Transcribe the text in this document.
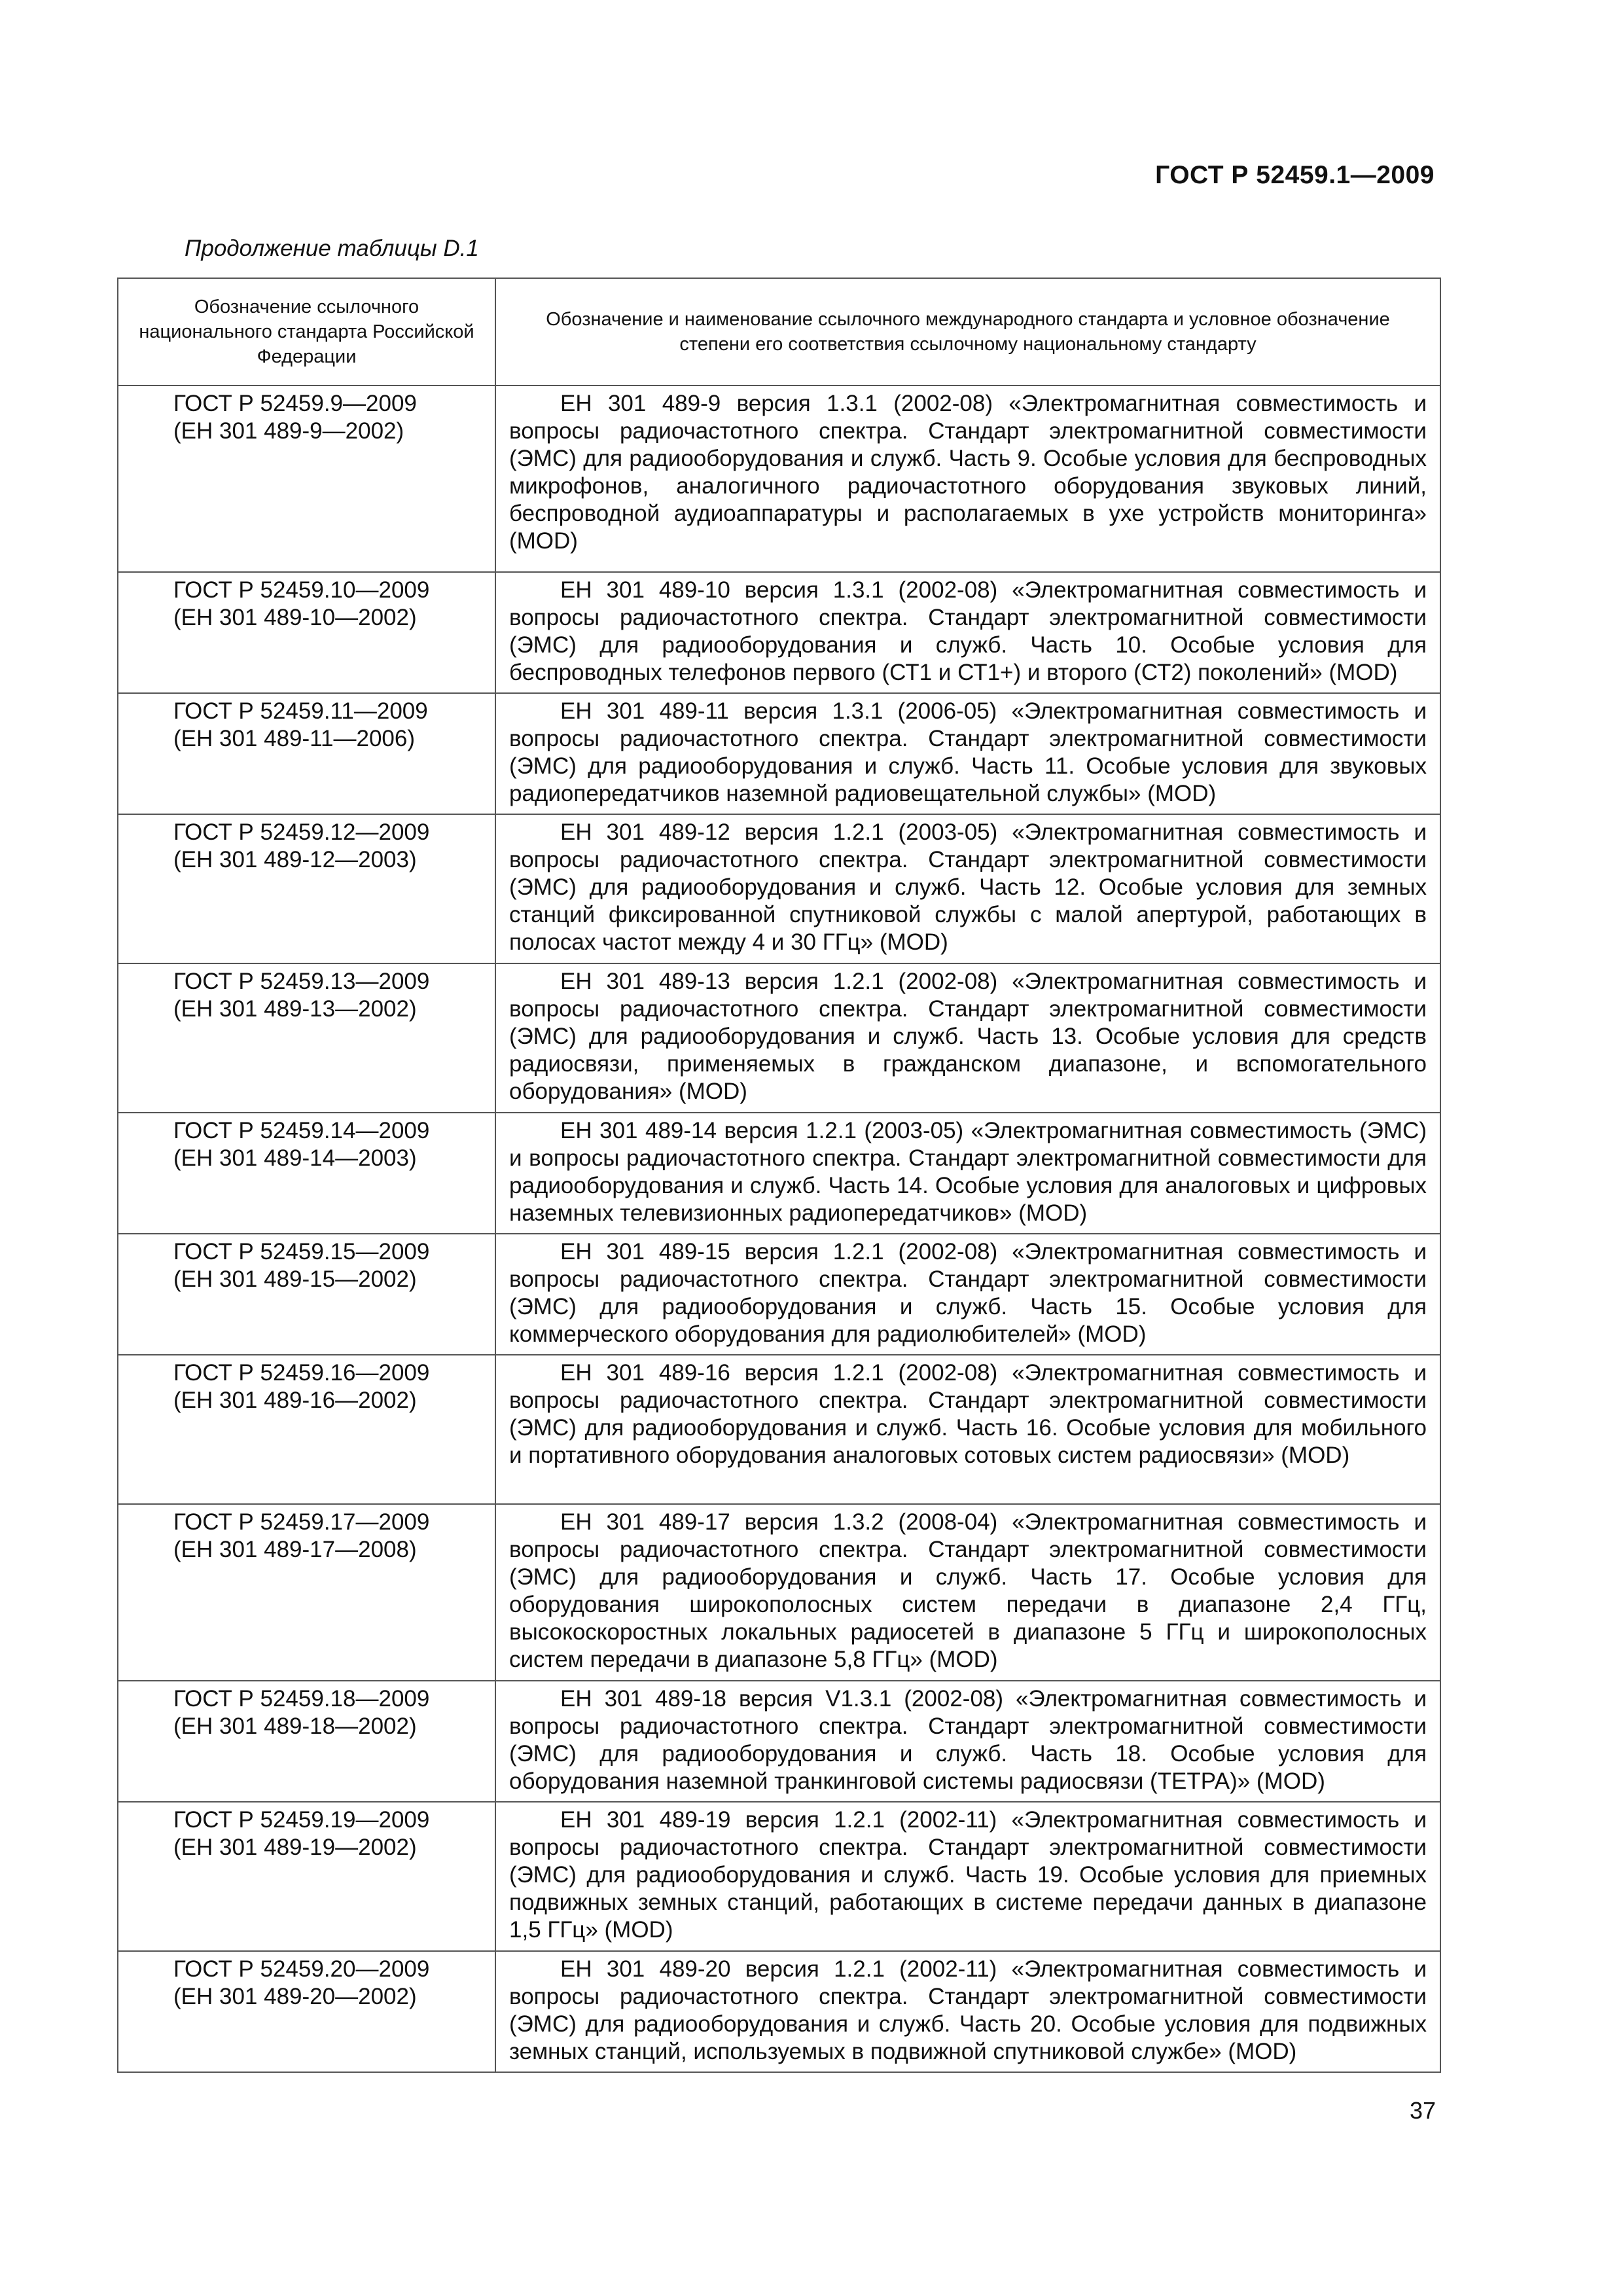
ГОСТ Р 52459.1—2009
Продолжение таблицы D.1
Обозначение ссылочного национального стандарта Российской Федерации	Обозначение и наименование ссылочного международного стандарта и условное обозначение степени его соответствия ссылочному национальному стандарту

ГОСТ Р 52459.9—2009
(ЕН 301 489-9—2002)	ЕН 301 489-9 версия 1.3.1 (2002-08) «Электромагнитная совместимость и вопросы радиочастотного спектра. Стандарт электромагнитной совместимости (ЭМС) для радиооборудования и служб. Часть 9. Особые условия для беспроводных микрофонов, аналогичного радиочастотного оборудования звуковых линий, беспроводной аудиоаппаратуры и располагаемых в ухе устройств мониторинга» (MOD)

ГОСТ Р 52459.10—2009
(ЕН 301 489-10—2002)	ЕН 301 489-10 версия 1.3.1 (2002-08) «Электромагнитная совместимость и вопросы радиочастотного спектра. Стандарт электромагнитной совместимости (ЭМС) для радиооборудования и служб. Часть 10. Особые условия для беспроводных телефонов первого (СТ1 и СТ1+) и второго (СТ2) поколений» (MOD)

ГОСТ Р 52459.11—2009
(ЕН 301 489-11—2006)	ЕН 301 489-11 версия 1.3.1 (2006-05) «Электромагнитная совместимость и вопросы радиочастотного спектра. Стандарт электромагнитной совместимости (ЭМС) для радиооборудования и служб. Часть 11. Особые условия для звуковых радиопередатчиков наземной радиовещательной службы» (MOD)

ГОСТ Р 52459.12—2009
(ЕН 301 489-12—2003)	ЕН 301 489-12 версия 1.2.1 (2003-05) «Электромагнитная совместимость и вопросы радиочастотного спектра. Стандарт электромагнитной совместимости (ЭМС) для радиооборудования и служб. Часть 12. Особые условия для земных станций фиксированной спутниковой службы с малой апертурой, работающих в полосах частот между 4 и 30 ГГц» (MOD)

ГОСТ Р 52459.13—2009
(ЕН 301 489-13—2002)	ЕН 301 489-13 версия 1.2.1 (2002-08) «Электромагнитная совместимость и вопросы радиочастотного спектра. Стандарт электромагнитной совместимости (ЭМС) для радиооборудования и служб. Часть 13. Особые условия для средств радиосвязи, применяемых в гражданском диапазоне, и вспомогательного оборудования» (MOD)

ГОСТ Р 52459.14—2009
(ЕН 301 489-14—2003)	ЕН 301 489-14 версия 1.2.1 (2003-05) «Электромагнитная совместимость (ЭМС) и вопросы радиочастотного спектра. Стандарт электромагнитной совместимости для радиооборудования и служб. Часть 14. Особые условия для аналоговых и цифровых наземных телевизионных радиопередатчиков» (MOD)

ГОСТ Р 52459.15—2009
(ЕН 301 489-15—2002)	ЕН 301 489-15 версия 1.2.1 (2002-08) «Электромагнитная совместимость и вопросы радиочастотного спектра. Стандарт электромагнитной совместимости (ЭМС) для радиооборудования и служб. Часть 15. Особые условия для коммерческого оборудования для радиолюбителей» (MOD)

ГОСТ Р 52459.16—2009
(ЕН 301 489-16—2002)	ЕН 301 489-16 версия 1.2.1 (2002-08) «Электромагнитная совместимость и вопросы радиочастотного спектра. Стандарт электромагнитной совместимости (ЭМС) для радиооборудования и служб. Часть 16. Особые условия для мобильного и портативного оборудования аналоговых сотовых систем радиосвязи» (MOD)

ГОСТ Р 52459.17—2009
(ЕН 301 489-17—2008)	ЕН 301 489-17 версия 1.3.2 (2008-04) «Электромагнитная совместимость и вопросы радиочастотного спектра. Стандарт электромагнитной совместимости (ЭМС) для радиооборудования и служб. Часть 17. Особые условия для оборудования широкополосных систем передачи в диапазоне 2,4 ГГц, высокоскоростных локальных радиосетей в диапазоне 5 ГГц и широкополосных систем передачи в диапазоне 5,8 ГГц» (MOD)

ГОСТ Р 52459.18—2009
(ЕН 301 489-18—2002)	ЕН 301 489-18 версия V1.3.1 (2002-08) «Электромагнитная совместимость и вопросы радиочастотного спектра. Стандарт электромагнитной совместимости (ЭМС) для радиооборудования и служб. Часть 18. Особые условия для оборудования наземной транкинговой системы радиосвязи (ТЕТРА)» (MOD)

ГОСТ Р 52459.19—2009
(ЕН 301 489-19—2002)	ЕН 301 489-19 версия 1.2.1 (2002-11) «Электромагнитная совместимость и вопросы радиочастотного спектра. Стандарт электромагнитной совместимости (ЭМС) для радиооборудования и служб. Часть 19. Особые условия для приемных подвижных земных станций, работающих в системе передачи данных в диапазоне 1,5 ГГц» (MOD)

ГОСТ Р 52459.20—2009
(ЕН 301 489-20—2002)	ЕН 301 489-20 версия 1.2.1 (2002-11) «Электромагнитная совместимость и вопросы радиочастотного спектра. Стандарт электромагнитной совместимости (ЭМС) для радиооборудования и служб. Часть 20. Особые условия для подвижных земных станций, используемых в подвижной спутниковой службе» (MOD)
37
